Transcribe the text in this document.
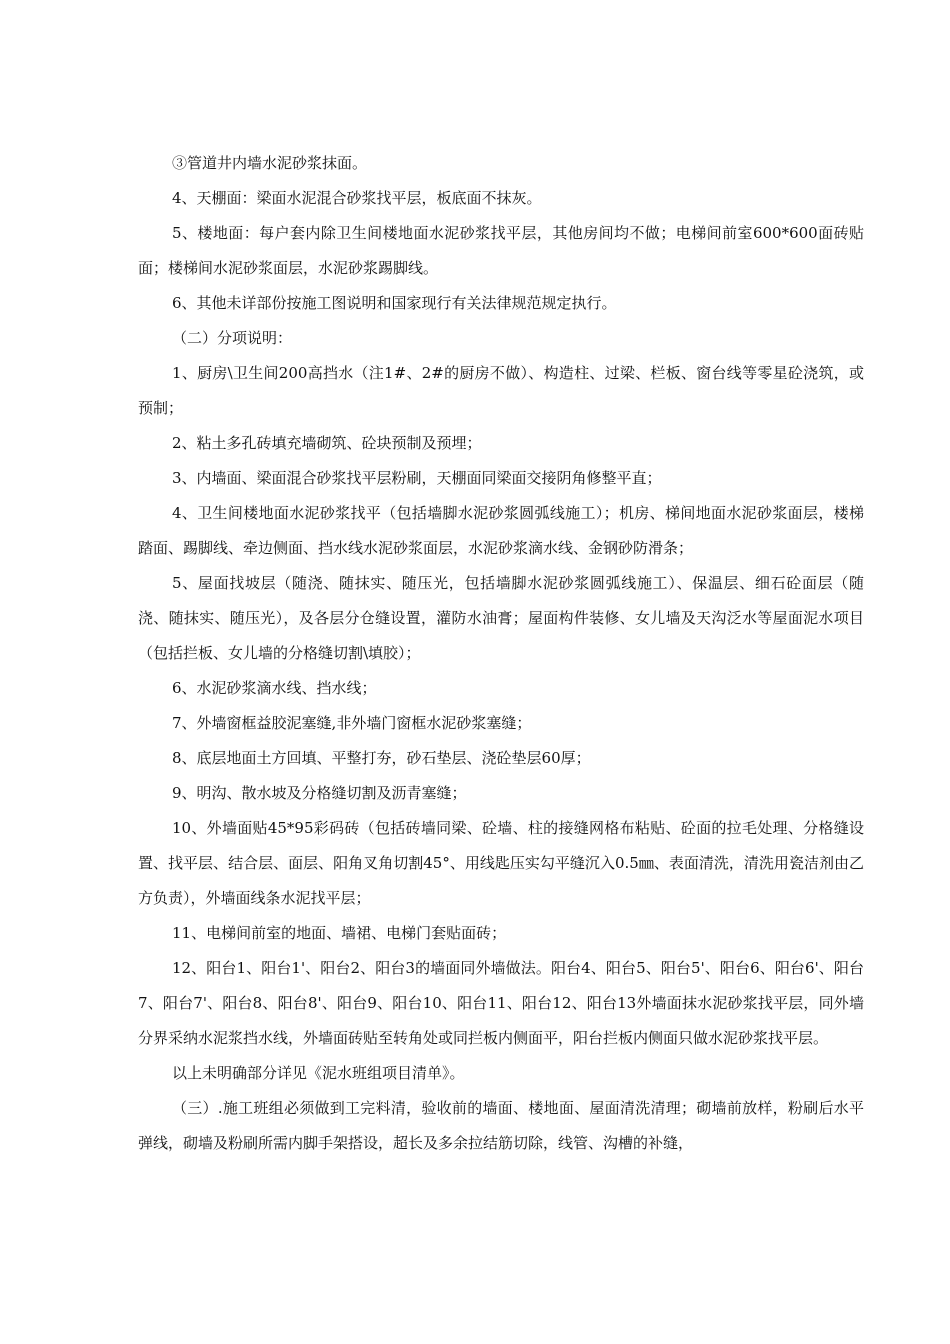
③管道井内墙水泥砂浆抹面。

4、天棚面：梁面水泥混合砂浆找平层，板底面不抹灰。

5、楼地面：每户套内除卫生间楼地面水泥砂浆找平层，其他房间均不做；电梯间前室600*600面砖贴面；楼梯间水泥砂浆面层，水泥砂浆踢脚线。

6、其他未详部份按施工图说明和国家现行有关法律规范规定执行。

（二）分项说明：

1、厨房\卫生间200高挡水（注1#、2#的厨房不做）、构造柱、过梁、栏板、窗台线等零星砼浇筑，或预制；

2、粘土多孔砖填充墙砌筑、砼块预制及预埋；

3、内墙面、梁面混合砂浆找平层粉刷，天棚面同梁面交接阴角修整平直；

4、卫生间楼地面水泥砂浆找平（包括墙脚水泥砂浆圆弧线施工）；机房、梯间地面水泥砂浆面层，楼梯踏面、踢脚线、牵边侧面、挡水线水泥砂浆面层，水泥砂浆滴水线、金钢砂防滑条；

5、屋面找坡层（随浇、随抹实、随压光，包括墙脚水泥砂浆圆弧线施工）、保温层、细石砼面层（随浇、随抹实、随压光），及各层分仓缝设置，灌防水油膏；屋面构件装修、女儿墙及天沟泛水等屋面泥水项目（包括拦板、女儿墙的分格缝切割\填胶）；

6、水泥砂浆滴水线、挡水线；

7、外墙窗框益胶泥塞缝,非外墙门窗框水泥砂浆塞缝；

8、底层地面土方回填、平整打夯，砂石垫层、浇砼垫层60厚；

9、明沟、散水坡及分格缝切割及沥青塞缝；

10、外墙面贴45*95彩码砖（包括砖墙同梁、砼墙、柱的接缝网格布粘贴、砼面的拉毛处理、分格缝设置、找平层、结合层、面层、阳角叉角切割45°、用线匙压实勾平缝沉入0.5㎜、表面清洗，清洗用瓷洁剂由乙方负责），外墙面线条水泥找平层；

11、电梯间前室的地面、墙裙、电梯门套贴面砖；

12、阳台1、阳台1'、阳台2、阳台3的墙面同外墙做法。阳台4、阳台5、阳台5'、阳台6、阳台6'、阳台7、阳台7'、阳台8、阳台8'、阳台9、阳台10、阳台11、阳台12、阳台13外墙面抹水泥砂浆找平层，同外墙分界采纳水泥浆挡水线，外墙面砖贴至转角处或同拦板内侧面平，阳台拦板内侧面只做水泥砂浆找平层。

以上未明确部分详见《泥水班组项目清单》。

（三）.施工班组必须做到工完料清，验收前的墙面、楼地面、屋面清洗清理；砌墙前放样，粉刷后水平弹线，砌墙及粉刷所需内脚手架搭设，超长及多余拉结筋切除，线管、沟槽的补缝，
